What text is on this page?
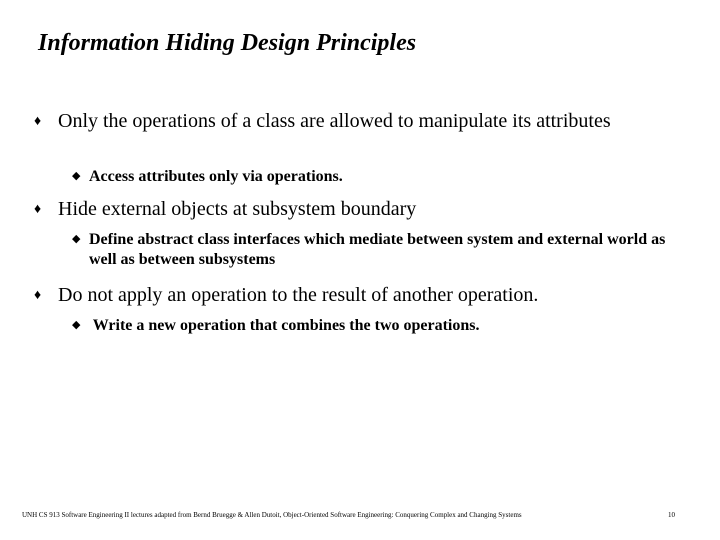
Information Hiding Design Principles
♦ Only the operations of a class are allowed to manipulate its attributes
◆ Access attributes only via operations.
♦ Hide external objects at subsystem boundary
◆ Define abstract class interfaces which mediate between system and external world as well as between subsystems
♦ Do not apply an operation to the result of another operation.
◆ Write a new operation that combines the two operations.
UNH CS 913 Software Engineering II lectures adapted from Bernd Bruegge & Allen Dutoit, Object-Oriented Software Engineering: Conquering Complex and Changing Systems	10
